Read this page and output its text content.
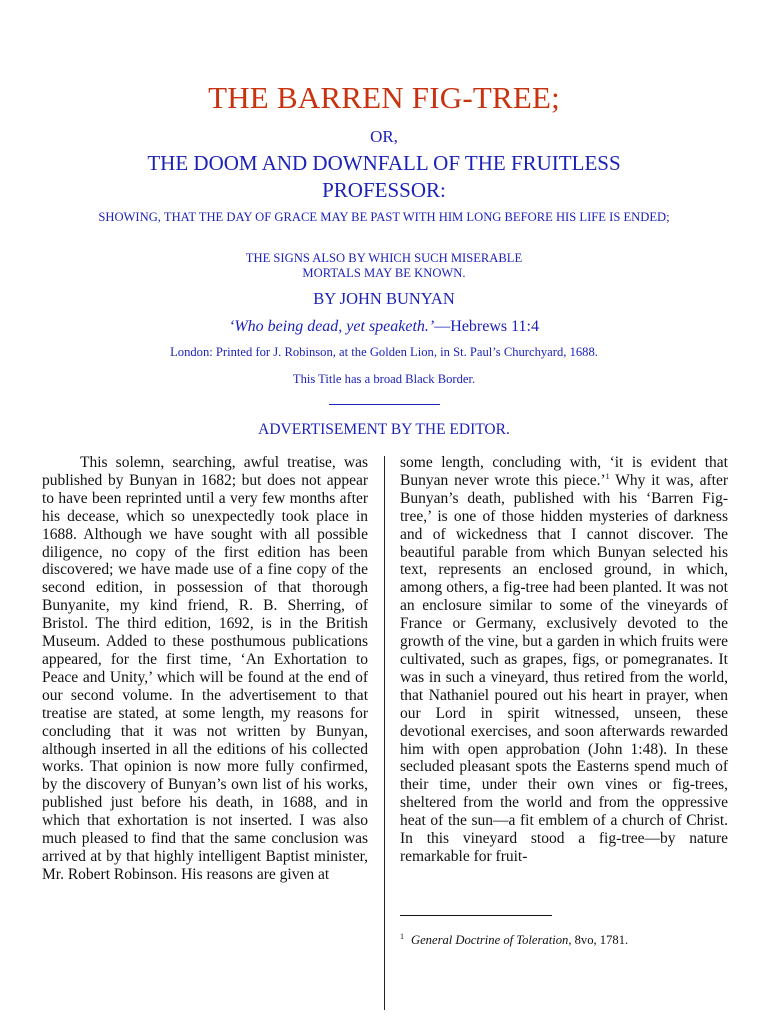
THE BARREN FIG-TREE;
OR,
THE DOOM AND DOWNFALL OF THE FRUITLESS PROFESSOR:
SHOWING, THAT THE DAY OF GRACE MAY BE PAST WITH HIM LONG BEFORE HIS LIFE IS ENDED;
THE SIGNS ALSO BY WHICH SUCH MISERABLE
MORTALS MAY BE KNOWN.
BY JOHN BUNYAN
‘Who being dead, yet speaketh.’—Hebrews 11:4
London: Printed for J. Robinson, at the Golden Lion, in St. Paul’s Churchyard, 1688.
This Title has a broad Black Border.
ADVERTISEMENT BY THE EDITOR.
This solemn, searching, awful treatise, was published by Bunyan in 1682; but does not appear to have been reprinted until a very few months after his decease, which so unexpectedly took place in 1688. Although we have sought with all possible diligence, no copy of the first edition has been discovered; we have made use of a fine copy of the second edition, in possession of that thorough Bunyanite, my kind friend, R. B. Sherring, of Bristol. The third edition, 1692, is in the British Museum. Added to these posthumous publications appeared, for the first time, ‘An Exhortation to Peace and Unity,’ which will be found at the end of our second volume. In the advertisement to that treatise are stated, at some length, my reasons for concluding that it was not written by Bunyan, although inserted in all the editions of his collected works. That opinion is now more fully confirmed, by the discovery of Bunyan’s own list of his works, published just before his death, in 1688, and in which that exhortation is not inserted. I was also much pleased to find that the same conclusion was arrived at by that highly intelligent Baptist minister, Mr. Robert Robinson. His reasons are given at
some length, concluding with, ‘it is evident that Bunyan never wrote this piece.’$^1$ Why it was, after Bunyan’s death, published with his ‘Barren Fig-tree,’ is one of those hidden mysteries of darkness and of wickedness that I cannot discover. The beautiful parable from which Bunyan selected his text, represents an enclosed ground, in which, among others, a fig-tree had been planted. It was not an enclosure similar to some of the vineyards of France or Germany, exclusively devoted to the growth of the vine, but a garden in which fruits were cultivated, such as grapes, figs, or pomegranates. It was in such a vineyard, thus retired from the world, that Nathaniel poured out his heart in prayer, when our Lord in spirit witnessed, unseen, these devotional exercises, and soon afterwards rewarded him with open approbation (John 1:48). In these secluded pleasant spots the Easterns spend much of their time, under their own vines or fig-trees, sheltered from the world and from the oppressive heat of the sun—a fit emblem of a church of Christ. In this vineyard stood a fig-tree—by nature remarkable for fruit-
$^1$ General Doctrine of Toleration, 8vo, 1781.
